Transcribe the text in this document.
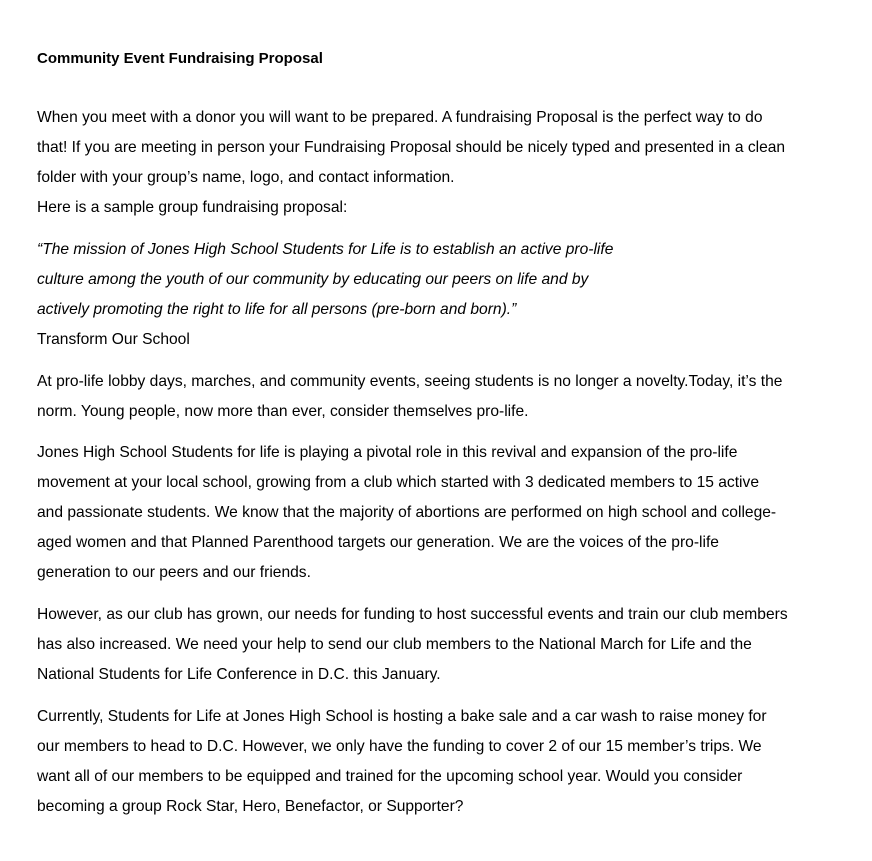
Community Event Fundraising Proposal

When you meet with a donor you will want to be prepared. A fundraising Proposal is the perfect way to do
that! If you are meeting in person your Fundraising Proposal should be nicely typed and presented in a clean
folder with your group’s name, logo, and contact information.
Here is a sample group fundraising proposal:

“The mission of Jones High School Students for Life is to establish an active pro-life
culture among the youth of our community by educating our peers on life and by
actively promoting the right to life for all persons (pre-born and born).”

Transform Our School

At pro-life lobby days, marches, and community events, seeing students is no longer a novelty.Today, it’s the
norm. Young people, now more than ever, consider themselves pro-life.

Jones High School Students for life is playing a pivotal role in this revival and expansion of the pro-life
movement at your local school, growing from a club which started with 3 dedicated members to 15 active
and passionate students. We know that the majority of abortions are performed on high school and college-
aged women and that Planned Parenthood targets our generation. We are the voices of the pro-life
generation to our peers and our friends.

However, as our club has grown, our needs for funding to host successful events and train our club members
has also increased. We need your help to send our club members to the National March for Life and the
National Students for Life Conference in D.C. this January.

Currently, Students for Life at Jones High School is hosting a bake sale and a car wash to raise money for
our members to head to D.C. However, we only have the funding to cover 2 of our 15 member’s trips. We
want all of our members to be equipped and trained for the upcoming school year. Would you consider
becoming a group Rock Star, Hero, Benefactor, or Supporter?
